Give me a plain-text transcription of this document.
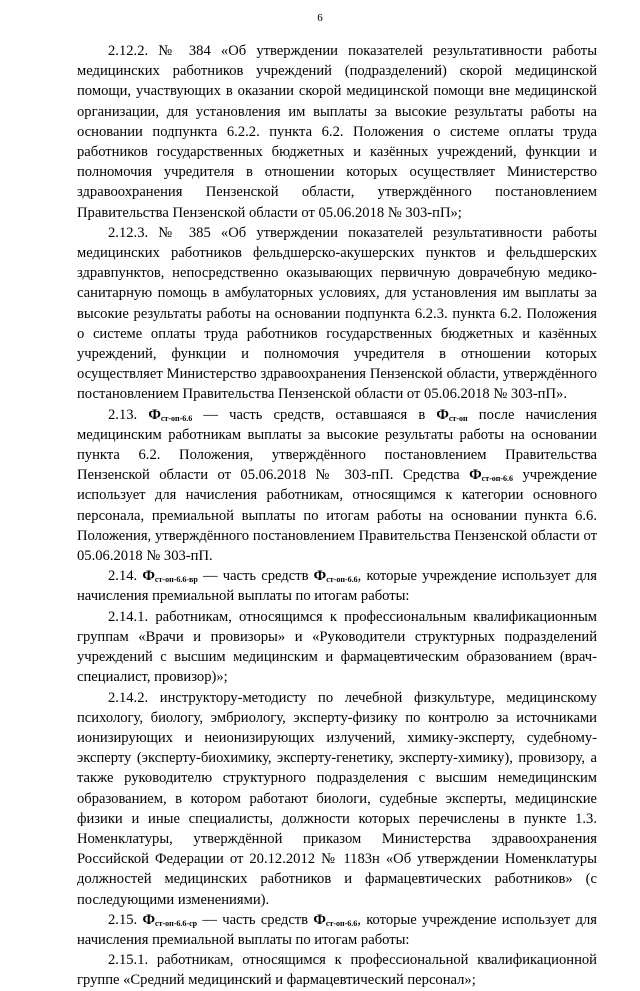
6

2.12.2. № 384 «Об утверждении показателей результативности работы медицинских работников учреждений (подразделений) скорой медицинской помощи, участвующих в оказании скорой медицинской помощи вне медицинской организации, для установления им выплаты за высокие результаты работы на основании подпункта 6.2.2. пункта 6.2. Положения о системе оплаты труда работников государственных бюджетных и казённых учреждений, функции и полномочия учредителя в отношении которых осуществляет Министерство здравоохранения Пензенской области, утверждённого постановлением Правительства Пензенской области от 05.06.2018 № 303-пП»;

2.12.3. № 385 «Об утверждении показателей результативности работы медицинских работников фельдшерско-акушерских пунктов и фельдшерских здравпунктов, непосредственно оказывающих первичную доврачебную медико-санитарную помощь в амбулаторных условиях, для установления им выплаты за высокие результаты работы на основании подпункта 6.2.3. пункта 6.2. Положения о системе оплаты труда работников государственных бюджетных и казённых учреждений, функции и полномочия учредителя в отношении которых осуществляет Министерство здравоохранения Пензенской области, утверждённого постановлением Правительства Пензенской области от 05.06.2018 № 303-пП».

2.13. $Ф_{ст-оп-6.6}$ — часть средств, оставшаяся в $Ф_{ст-оп}$ после начисления медицинским работникам выплаты за высокие результаты работы на основании пункта 6.2. Положения, утверждённого постановлением Правительства Пензенской области от 05.06.2018 № 303-пП. Средства $Ф_{ст-оп-6.6}$ учреждение использует для начисления работникам, относящимся к категории основного персонала, премиальной выплаты по итогам работы на основании пункта 6.6. Положения, утверждённого постановлением Правительства Пензенской области от 05.06.2018 № 303-пП.

2.14. $Ф_{ст-оп-6.6-вр}$ — часть средств $Ф_{ст-оп-6.6}$, которые учреждение использует для начисления премиальной выплаты по итогам работы:

2.14.1. работникам, относящимся к профессиональным квалификационным группам «Врачи и провизоры» и «Руководители структурных подразделений учреждений с высшим медицинским и фармацевтическим образованием (врач-специалист, провизор)»;

2.14.2. инструктору-методисту по лечебной физкультуре, медицинскому психологу, биологу, эмбриологу, эксперту-физику по контролю за источниками ионизирующих и неионизирующих излучений, химику-эксперту, судебному-эксперту (эксперту-биохимику, эксперту-генетику, эксперту-химику), провизору, а также руководителю структурного подразделения с высшим немедицинским образованием, в котором работают биологи, судебные эксперты, медицинские физики и иные специалисты, должности которых перечислены в пункте 1.3. Номенклатуры, утверждённой приказом Министерства здравоохранения Российской Федерации от 20.12.2012 № 1183н «Об утверждении Номенклатуры должностей медицинских работников и фармацевтических работников» (с последующими изменениями).

2.15. $Ф_{ст-оп-6.6-ср}$ — часть средств $Ф_{ст-оп-6.6}$, которые учреждение использует для начисления премиальной выплаты по итогам работы:

2.15.1. работникам, относящимся к профессиональной квалификационной группе «Средний медицинский и фармацевтический персонал»;
